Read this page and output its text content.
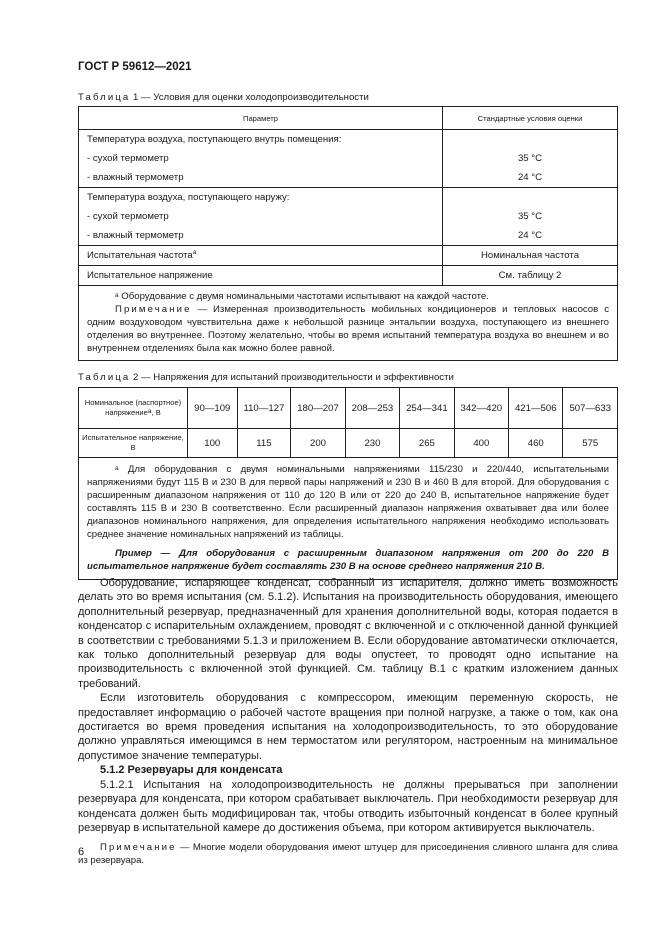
ГОСТ Р 59612—2021
Таблица 1 — Условия для оценки холодопроизводительности
Параметр	Стандартные условия оценки
Температура воздуха, поступающего внутрь помещения:	
- сухой термометр	35 °С
- влажный термометр	24 °С
Температура воздуха, поступающего наружу:	
- сухой термометр	35 °С
- влажный термометр	24 °С
Испытательная частота$^a$	Номинальная частота
Испытательное напряжение	См. таблицу 2

$^a$ Оборудование с двумя номинальными частотами испытывают на каждой частоте.

Примечание — Измеренная производительность мобильных кондиционеров и тепловых насосов с одним воздуховодом чувствительна даже к небольшой разнице энтальпии воздуха, поступающего из внешнего отделения во внутреннее. Поэтому желательно, чтобы во время испытаний температура воздуха во внешнем и во внутреннем отделениях была как можно более равной.	

Таблица 2 — Напряжения для испытаний производительности и эффективности
Номинальное (паспортное) напряжение$^a$, В	90—109	110—127	180—207	208—253	254—341	342—420	421—506	507—633
Испытательное напряжение, В	100	115	200	230	265	400	460	575

$^a$ Для оборудования с двумя номинальными напряжениями 115/230 и 220/440, испытательными напряжениями будут 115 В и 230 В для первой пары напряжений и 230 В и 460 В для второй. Для оборудования с расширенным диапазоном напряжения от 110 до 120 В или от 220 до 240 В, испытательное напряжение будет составлять 115 В и 230 В соответственно. Если расширенный диапазон напряжения охватывает два или более диапазонов номинального напряжения, для определения испытательного напряжения необходимо использовать среднее значение номинальных напряжений из таблицы.

Пример — Для оборудования с расширенным диапазоном напряжения от 200 до 220 В испытательное напряжение будет составлять 230 В на основе среднего напряжения 210 В.								

Оборудование, испаряющее конденсат, собранный из испарителя, должно иметь возможность делать это во время испытания (см. 5.1.2). Испытания на производительность оборудования, имеющего дополнительный резервуар, предназначенный для хранения дополнительной воды, которая подается в конденсатор с испарительным охлаждением, проводят с включенной и с отключенной данной функцией в соответствии с требованиями 5.1.3 и приложением В. Если оборудование автоматически отключается, как только дополнительный резервуар для воды опустеет, то проводят одно испытание на производительность с включенной этой функцией. См. таблицу В.1 с кратким изложением данных требований.

Если изготовитель оборудования с компрессором, имеющим переменную скорость, не предоставляет информацию о рабочей частоте вращения при полной нагрузке, а также о том, как она достигается во время проведения испытания на холодопроизводительность, то это оборудование должно управляться имеющимся в нем термостатом или регулятором, настроенным на минимальное допустимое значение температуры.

5.1.2 Резервуары для конденсата

5.1.2.1 Испытания на холодопроизводительность не должны прерываться при заполнении резервуара для конденсата, при котором срабатывает выключатель. При необходимости резервуар для конденсата должен быть модифицирован так, чтобы отводить избыточный конденсат в более крупный резервуар в испытательной камере до достижения объема, при котором активируется выключатель.

Примечание — Многие модели оборудования имеют штуцер для присоединения сливного шланга для слива из резервуара.

6
